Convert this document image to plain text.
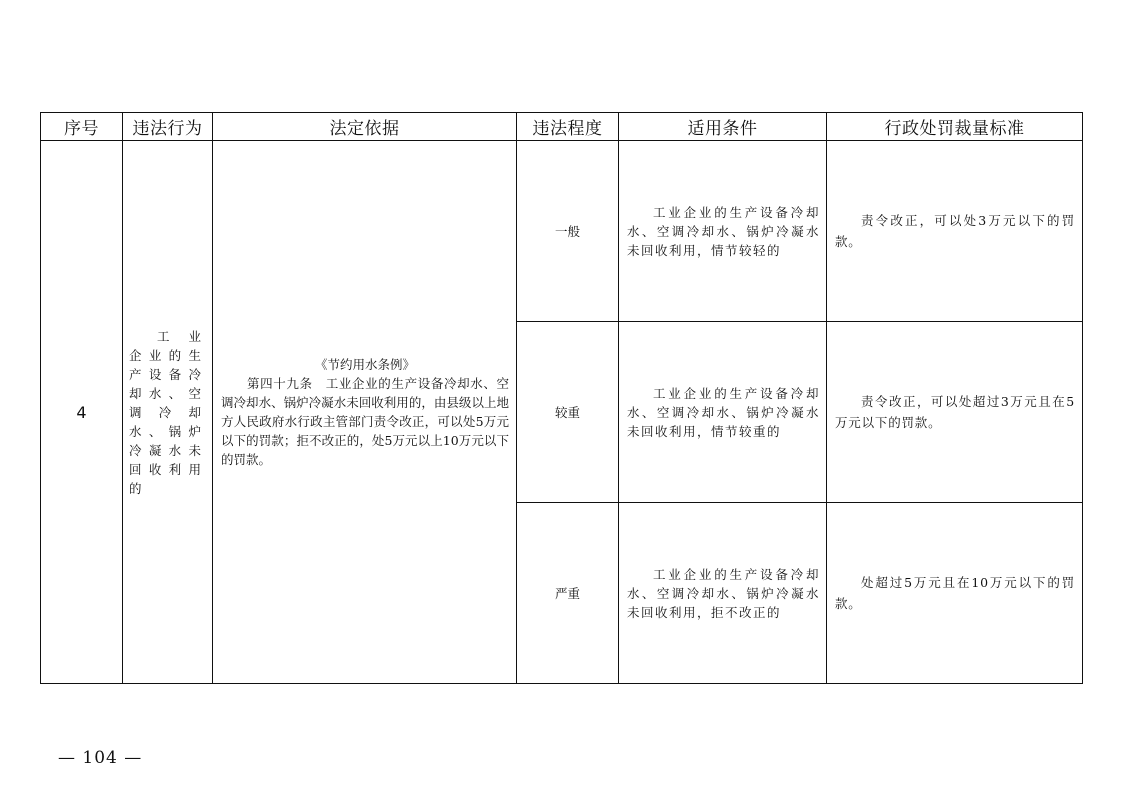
序号	违法行为	法定依据	违法程度	适用条件	行政处罚裁量标准
4	工业企业的生产设备冷却水、空调冷却水、锅炉冷凝水未回收利用的	《节约用水条例》
第四十九条　工业企业的生产设备冷却水、空调冷却水、锅炉冷凝水未回收利用的，由县级以上地方人民政府水行政主管部门责令改正，可以处5万元以下的罚款；拒不改正的，处5万元以上10万元以下的罚款。	一般	工业企业的生产设备冷却水、空调冷却水、锅炉冷凝水未回收利用，情节较轻的	责令改正，可以处3万元以下的罚款。

			较重	工业企业的生产设备冷却水、空调冷却水、锅炉冷凝水未回收利用，情节较重的	责令改正，可以处超过3万元且在5万元以下的罚款。

			严重	工业企业的生产设备冷却水、空调冷却水、锅炉冷凝水未回收利用，拒不改正的	处超过5万元且在10万元以下的罚款。
— 104 —
